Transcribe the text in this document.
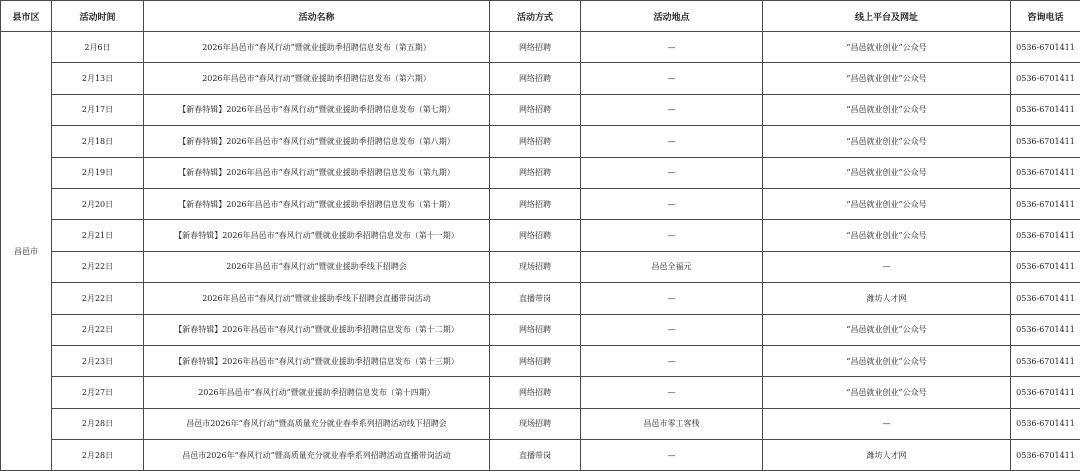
县市区	活动时间	活动名称	活动方式	活动地点	线上平台及网址	咨询电话
昌邑市	2月6日	2026年昌邑市“春风行动”暨就业援助季招聘信息发布（第五期）	网络招聘	—	“昌邑就业创业”公众号	0536-6701411
	2月13日	2026年昌邑市“春风行动”暨就业援助季招聘信息发布（第六期）	网络招聘	—	“昌邑就业创业”公众号	0536-6701411
	2月17日	【新春特辑】2026年昌邑市“春风行动”暨就业援助季招聘信息发布（第七期）	网络招聘	—	“昌邑就业创业”公众号	0536-6701411
	2月18日	【新春特辑】2026年昌邑市“春风行动”暨就业援助季招聘信息发布（第八期）	网络招聘	—	“昌邑就业创业”公众号	0536-6701411
	2月19日	【新春特辑】2026年昌邑市“春风行动”暨就业援助季招聘信息发布（第九期）	网络招聘	—	“昌邑就业创业”公众号	0536-6701411
	2月20日	【新春特辑】2026年昌邑市“春风行动”暨就业援助季招聘信息发布（第十期）	网络招聘	—	“昌邑就业创业”公众号	0536-6701411
	2月21日	【新春特辑】2026年昌邑市“春风行动”暨就业援助季招聘信息发布（第十一期）	网络招聘	—	“昌邑就业创业”公众号	0536-6701411
	2月22日	2026年昌邑市“春风行动”暨就业援助季线下招聘会	现场招聘	昌邑全福元	—	0536-6701411
	2月22日	2026年昌邑市“春风行动”暨就业援助季线下招聘会直播带岗活动	直播带岗	—	潍坊人才网	0536-6701411
	2月22日	【新春特辑】2026年昌邑市“春风行动”暨就业援助季招聘信息发布（第十二期）	网络招聘	—	“昌邑就业创业”公众号	0536-6701411
	2月23日	【新春特辑】2026年昌邑市“春风行动”暨就业援助季招聘信息发布（第十三期）	网络招聘	—	“昌邑就业创业”公众号	0536-6701411
	2月27日	2026年昌邑市“春风行动”暨就业援助季招聘信息发布（第十四期）	网络招聘	—	“昌邑就业创业”公众号	0536-6701411
	2月28日	昌邑市2026年“春风行动”暨高质量充分就业春季系列招聘活动线下招聘会	现场招聘	昌邑市零工客栈	—	0536-6701411
	2月28日	昌邑市2026年“春风行动”暨高质量充分就业春季系列招聘活动直播带岗活动	直播带岗	—	潍坊人才网	0536-6701411
